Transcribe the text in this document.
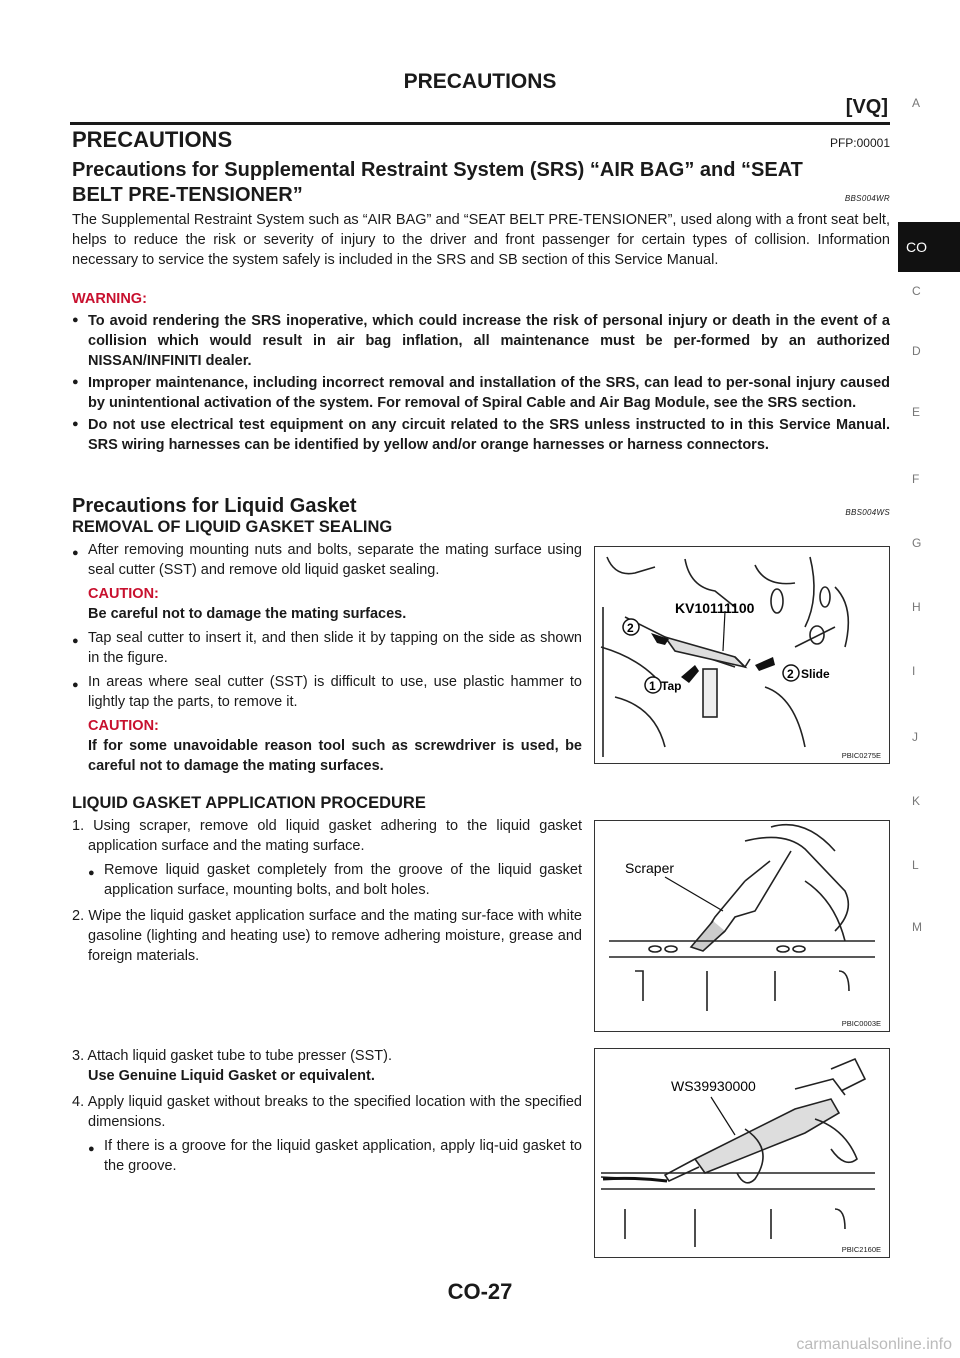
PRECAUTIONS
[VQ]
PRECAUTIONS	PFP:00001
Precautions for Supplemental Restraint System (SRS) “AIR BAG” and “SEAT
BELT PRE-TENSIONER”	BBS004WR
The Supplemental Restraint System such as “AIR BAG” and “SEAT BELT PRE-TENSIONER”, used along with a front seat belt, helps to reduce the risk or severity of injury to the driver and front passenger for certain types of collision. Information necessary to service the system safely is included in the SRS and SB section of this Service Manual.
WARNING:
● To avoid rendering the SRS inoperative, which could increase the risk of personal injury or death in the event of a collision which would result in air bag inflation, all maintenance must be per-formed by an authorized NISSAN/INFINITI dealer.
● Improper maintenance, including incorrect removal and installation of the SRS, can lead to per-sonal injury caused by unintentional activation of the system. For removal of Spiral Cable and Air Bag Module, see the SRS section.
● Do not use electrical test equipment on any circuit related to the SRS unless instructed to in this Service Manual. SRS wiring harnesses can be identified by yellow and/or orange harnesses or harness connectors.
Precautions for Liquid Gasket	BBS004WS
REMOVAL OF LIQUID GASKET SEALING
● After removing mounting nuts and bolts, separate the mating surface using seal cutter (SST) and remove old liquid gasket sealing.
CAUTION:
Be careful not to damage the mating surfaces.
● Tap seal cutter to insert it, and then slide it by tapping on the side as shown in the figure.
● In areas where seal cutter (SST) is difficult to use, use plastic hammer to lightly tap the parts, to remove it.
CAUTION:
If for some unavoidable reason tool such as screwdriver is used, be careful not to damage the mating surfaces.
KV10111100
2
1 Tap
2 Slide
PBIC0275E
LIQUID GASKET APPLICATION PROCEDURE
1. Using scraper, remove old liquid gasket adhering to the liquid gasket application surface and the mating surface.
● Remove liquid gasket completely from the groove of the liquid gasket application surface, mounting bolts, and bolt holes.
2. Wipe the liquid gasket application surface and the mating sur-face with white gasoline (lighting and heating use) to remove adhering moisture, grease and foreign materials.
Scraper
PBIC0003E
3. Attach liquid gasket tube to tube presser (SST).
Use Genuine Liquid Gasket or equivalent.
4. Apply liquid gasket without breaks to the specified location with the specified dimensions.
● If there is a groove for the liquid gasket application, apply liq-uid gasket to the groove.
WS39930000
PBIC2160E
A
CO
C
D
E
F
G
H
I
J
K
L
M
CO-27
carmanualsonline.info
